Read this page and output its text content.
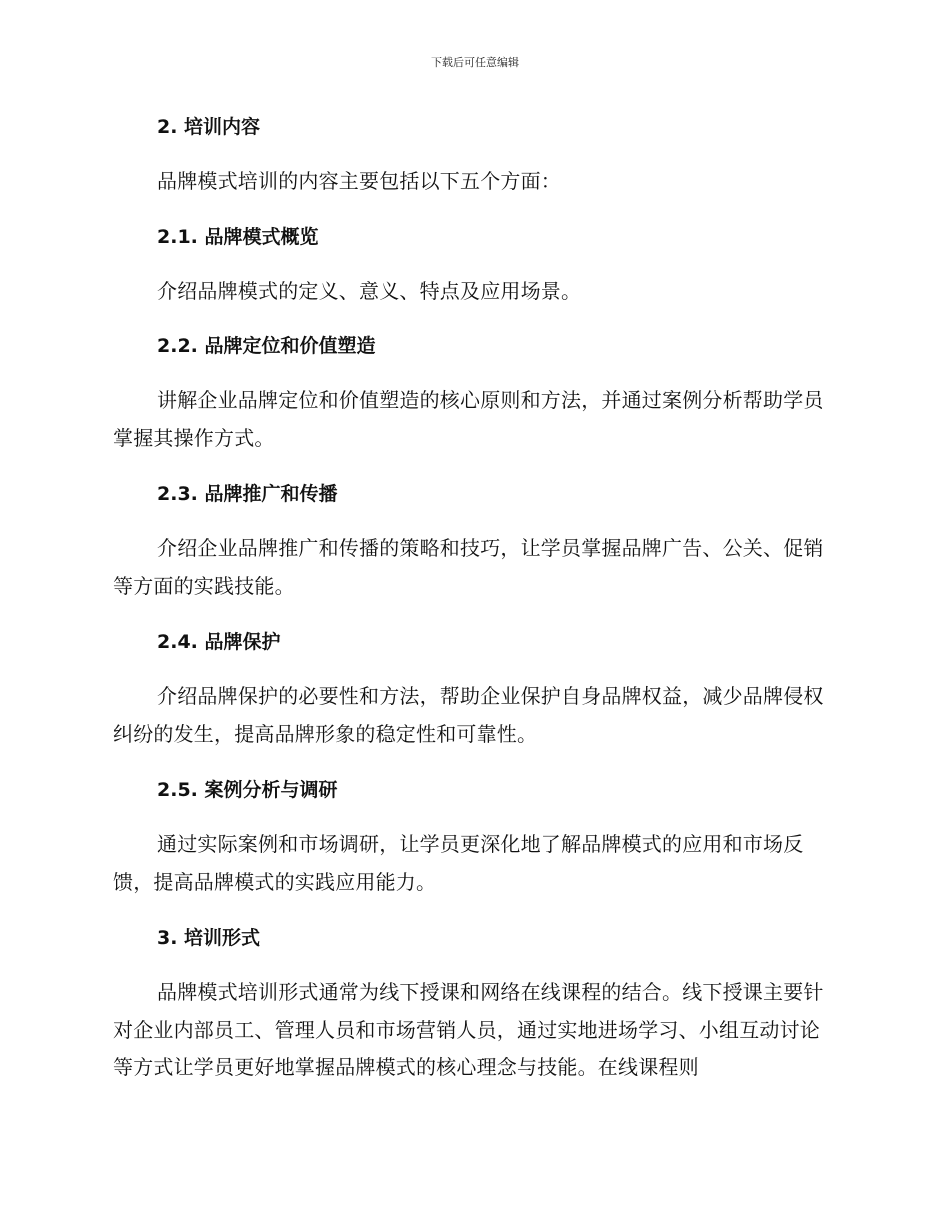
下载后可任意编辑

2. 培训内容

品牌模式培训的内容主要包括以下五个方面：

2.1. 品牌模式概览

介绍品牌模式的定义、意义、特点及应用场景。

2.2. 品牌定位和价值塑造

讲解企业品牌定位和价值塑造的核心原则和方法，并通过案例分析帮助学员掌握其操作方式。

2.3. 品牌推广和传播

介绍企业品牌推广和传播的策略和技巧，让学员掌握品牌广告、公关、促销等方面的实践技能。

2.4. 品牌保护

介绍品牌保护的必要性和方法，帮助企业保护自身品牌权益，减少品牌侵权纠纷的发生，提高品牌形象的稳定性和可靠性。

2.5. 案例分析与调研

通过实际案例和市场调研，让学员更深化地了解品牌模式的应用和市场反馈，提高品牌模式的实践应用能力。

3. 培训形式

品牌模式培训形式通常为线下授课和网络在线课程的结合。线下授课主要针对企业内部员工、管理人员和市场营销人员，通过实地进场学习、小组互动讨论等方式让学员更好地掌握品牌模式的核心理念与技能。在线课程则
